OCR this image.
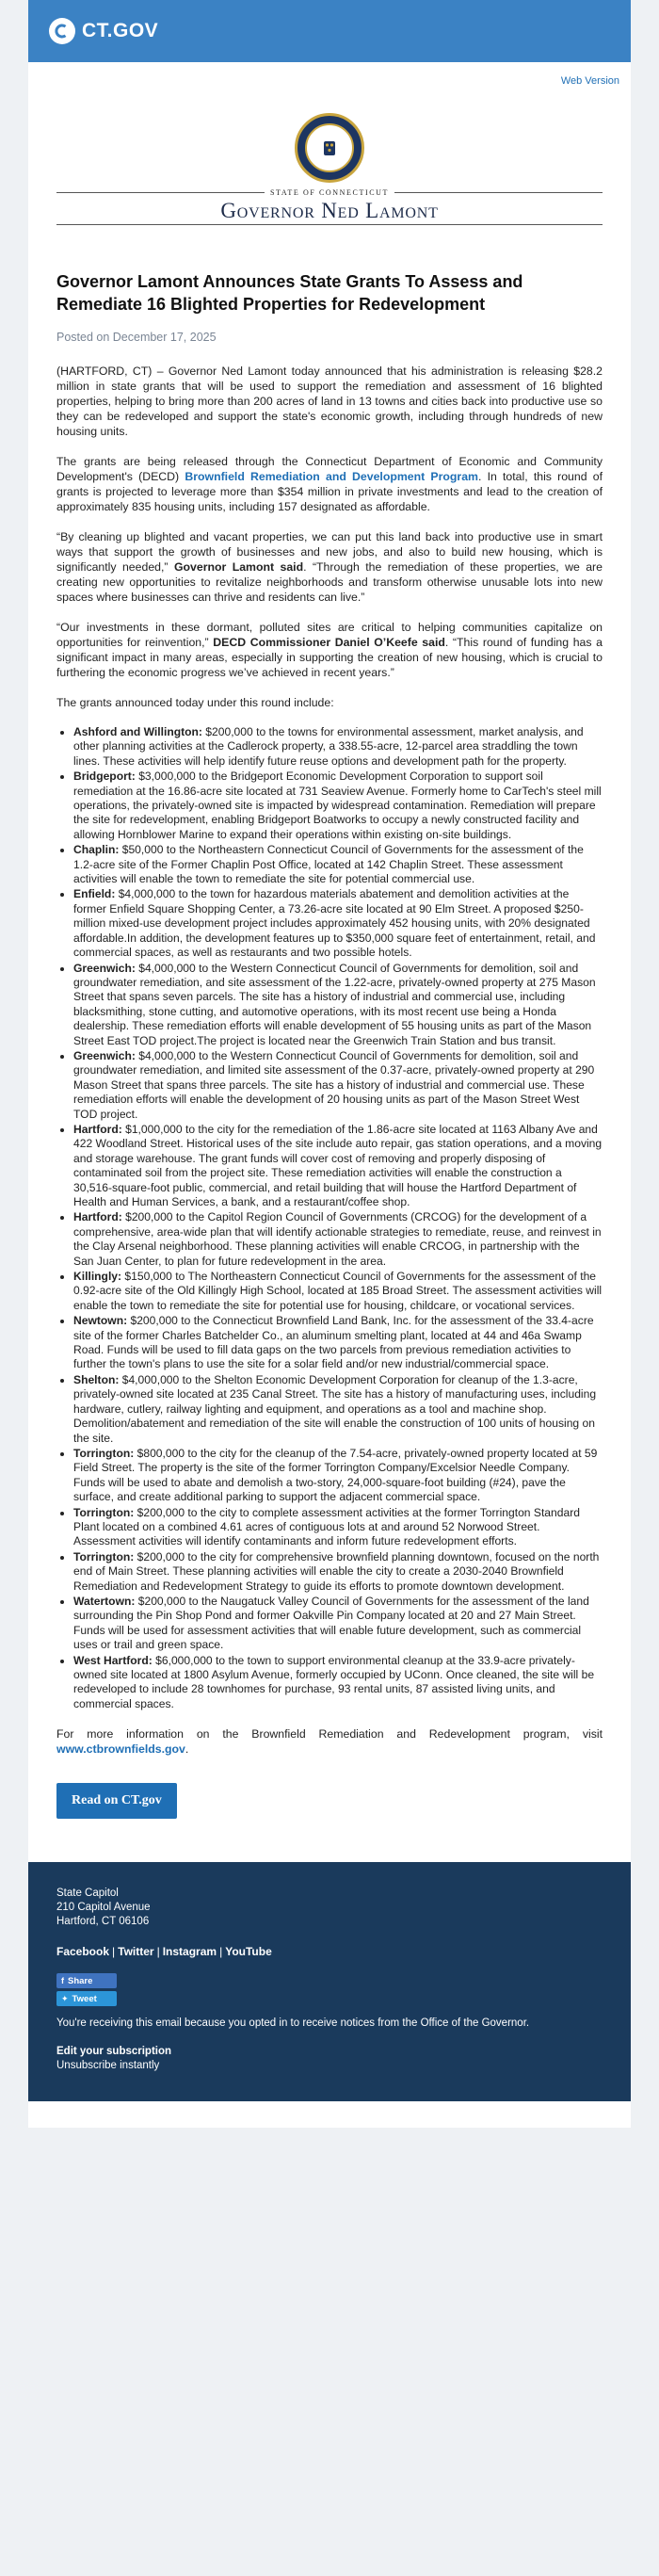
CT.GOV
Web Version
STATE OF CONNECTICUT
Governor Ned Lamont
Governor Lamont Announces State Grants To Assess and Remediate 16 Blighted Properties for Redevelopment
Posted on December 17, 2025

(HARTFORD, CT) – Governor Ned Lamont today announced that his administration is releasing $28.2 million in state grants that will be used to support the remediation and assessment of 16 blighted properties, helping to bring more than 200 acres of land in 13 towns and cities back into productive use so they can be redeveloped and support the state's economic growth, including through hundreds of new housing units.

The grants are being released through the Connecticut Department of Economic and Community Development's (DECD) Brownfield Remediation and Development Program. In total, this round of grants is projected to leverage more than $354 million in private investments and lead to the creation of approximately 835 housing units, including 157 designated as affordable.

“By cleaning up blighted and vacant properties, we can put this land back into productive use in smart ways that support the growth of businesses and new jobs, and also to build new housing, which is significantly needed,” Governor Lamont said. “Through the remediation of these properties, we are creating new opportunities to revitalize neighborhoods and transform otherwise unusable lots into new spaces where businesses can thrive and residents can live.”

“Our investments in these dormant, polluted sites are critical to helping communities capitalize on opportunities for reinvention,” DECD Commissioner Daniel O’Keefe said. “This round of funding has a significant impact in many areas, especially in supporting the creation of new housing, which is crucial to furthering the economic progress we’ve achieved in recent years.”

The grants announced today under this round include:

• Ashford and Willington: $200,000 to the towns for environmental assessment, market analysis, and other planning activities at the Cadlerock property, a 338.55-acre, 12-parcel area straddling the town lines. These activities will help identify future reuse options and development path for the property.
• Bridgeport: $3,000,000 to the Bridgeport Economic Development Corporation to support soil remediation at the 16.86-acre site located at 731 Seaview Avenue. Formerly home to CarTech's steel mill operations, the privately-owned site is impacted by widespread contamination. Remediation will prepare the site for redevelopment, enabling Bridgeport Boatworks to occupy a newly constructed facility and allowing Hornblower Marine to expand their operations within existing on-site buildings.
• Chaplin: $50,000 to the Northeastern Connecticut Council of Governments for the assessment of the 1.2-acre site of the Former Chaplin Post Office, located at 142 Chaplin Street. These assessment activities will enable the town to remediate the site for potential commercial use.
• Enfield: $4,000,000 to the town for hazardous materials abatement and demolition activities at the former Enfield Square Shopping Center, a 73.26-acre site located at 90 Elm Street. A proposed $250-million mixed-use development project includes approximately 452 housing units, with 20% designated affordable.In addition, the development features up to $350,000 square feet of entertainment, retail, and commercial spaces, as well as restaurants and two possible hotels.
• Greenwich: $4,000,000 to the Western Connecticut Council of Governments for demolition, soil and groundwater remediation, and site assessment of the 1.22-acre, privately-owned property at 275 Mason Street that spans seven parcels. The site has a history of industrial and commercial use, including blacksmithing, stone cutting, and automotive operations, with its most recent use being a Honda dealership. These remediation efforts will enable development of 55 housing units as part of the Mason Street East TOD project.The project is located near the Greenwich Train Station and bus transit.
• Greenwich: $4,000,000 to the Western Connecticut Council of Governments for demolition, soil and groundwater remediation, and limited site assessment of the 0.37-acre, privately-owned property at 290 Mason Street that spans three parcels. The site has a history of industrial and commercial use. These remediation efforts will enable the development of 20 housing units as part of the Mason Street West TOD project.
• Hartford: $1,000,000 to the city for the remediation of the 1.86-acre site located at 1163 Albany Ave and 422 Woodland Street. Historical uses of the site include auto repair, gas station operations, and a moving and storage warehouse. The grant funds will cover cost of removing and properly disposing of contaminated soil from the project site. These remediation activities will enable the construction a 30,516-square-foot public, commercial, and retail building that will house the Hartford Department of Health and Human Services, a bank, and a restaurant/coffee shop.
• Hartford: $200,000 to the Capitol Region Council of Governments (CRCOG) for the development of a comprehensive, area-wide plan that will identify actionable strategies to remediate, reuse, and reinvest in the Clay Arsenal neighborhood. These planning activities will enable CRCOG, in partnership with the San Juan Center, to plan for future redevelopment in the area.
• Killingly: $150,000 to The Northeastern Connecticut Council of Governments for the assessment of the 0.92-acre site of the Old Killingly High School, located at 185 Broad Street. The assessment activities will enable the town to remediate the site for potential use for housing, childcare, or vocational services.
• Newtown: $200,000 to the Connecticut Brownfield Land Bank, Inc. for the assessment of the 33.4-acre site of the former Charles Batchelder Co., an aluminum smelting plant, located at 44 and 46a Swamp Road. Funds will be used to fill data gaps on the two parcels from previous remediation activities to further the town's plans to use the site for a solar field and/or new industrial/commercial space.
• Shelton: $4,000,000 to the Shelton Economic Development Corporation for cleanup of the 1.3-acre, privately-owned site located at 235 Canal Street. The site has a history of manufacturing uses, including hardware, cutlery, railway lighting and equipment, and operations as a tool and machine shop. Demolition/abatement and remediation of the site will enable the construction of 100 units of housing on the site.
• Torrington: $800,000 to the city for the cleanup of the 7.54-acre, privately-owned property located at 59 Field Street. The property is the site of the former Torrington Company/Excelsior Needle Company. Funds will be used to abate and demolish a two-story, 24,000-square-foot building (#24), pave the surface, and create additional parking to support the adjacent commercial space.
• Torrington: $200,000 to the city to complete assessment activities at the former Torrington Standard Plant located on a combined 4.61 acres of contiguous lots at and around 52 Norwood Street. Assessment activities will identify contaminants and inform future redevelopment efforts.
• Torrington: $200,000 to the city for comprehensive brownfield planning downtown, focused on the north end of Main Street. These planning activities will enable the city to create a 2030-2040 Brownfield Remediation and Redevelopment Strategy to guide its efforts to promote downtown development.
• Watertown: $200,000 to the Naugatuck Valley Council of Governments for the assessment of the land surrounding the Pin Shop Pond and former Oakville Pin Company located at 20 and 27 Main Street. Funds will be used for assessment activities that will enable future development, such as commercial uses or trail and green space.
• West Hartford: $6,000,000 to the town to support environmental cleanup at the 33.9-acre privately-owned site located at 1800 Asylum Avenue, formerly occupied by UConn. Once cleaned, the site will be redeveloped to include 28 townhomes for purchase, 93 rental units, 87 assisted living units, and commercial spaces.

For more information on the Brownfield Remediation and Redevelopment program, visit www.ctbrownfields.gov.

Read on CT.gov
State Capitol
210 Capitol Avenue
Hartford, CT 06106
Facebook | Twitter | Instagram | YouTube
f Share
✦ Tweet
You're receiving this email because you opted in to receive notices from the Office of the Governor.
Edit your subscription
Unsubscribe instantly
